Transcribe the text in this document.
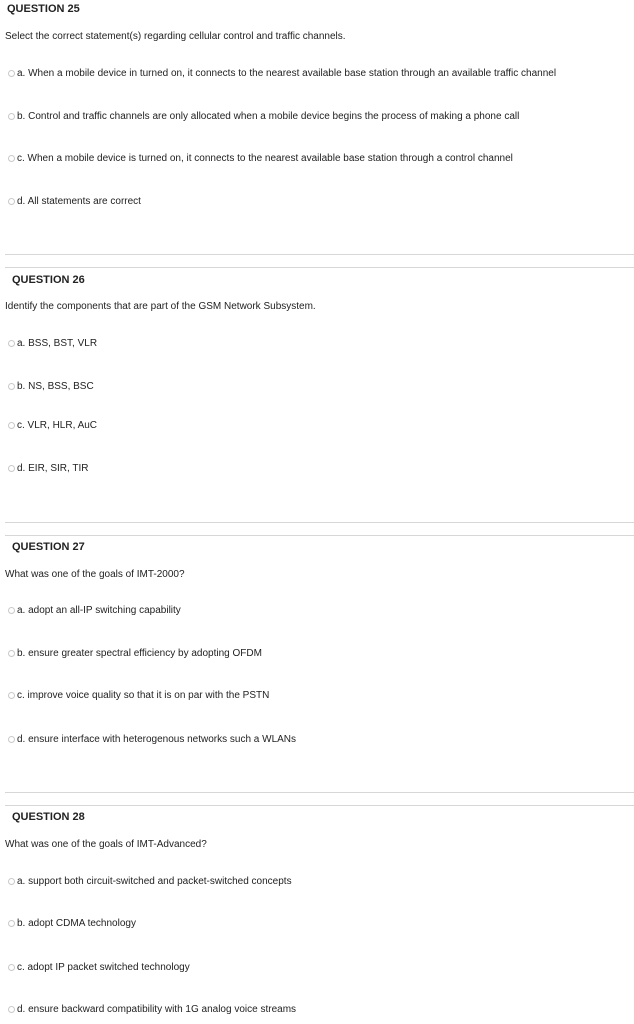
QUESTION 25
Select the correct statement(s) regarding cellular control and traffic channels.
a. When a mobile device in turned on, it connects to the nearest available base station through an available traffic channel
b. Control and traffic channels are only allocated when a mobile device begins the process of making a phone call
c. When a mobile device is turned on, it connects to the nearest available base station through a control channel
d. All statements are correct
QUESTION 26
Identify the components that are part of the GSM Network Subsystem.
a. BSS, BST, VLR
b. NS, BSS, BSC
c. VLR, HLR, AuC
d. EIR, SIR, TIR
QUESTION 27
What was one of the goals of IMT-2000?
a. adopt an all-IP switching capability
b. ensure greater spectral efficiency by adopting OFDM
c. improve voice quality so that it is on par with the PSTN
d. ensure interface with heterogenous networks such a WLANs
QUESTION 28
What was one of the goals of IMT-Advanced?
a. support both circuit-switched and packet-switched concepts
b. adopt CDMA technology
c. adopt IP packet switched technology
d. ensure backward compatibility with 1G analog voice streams
